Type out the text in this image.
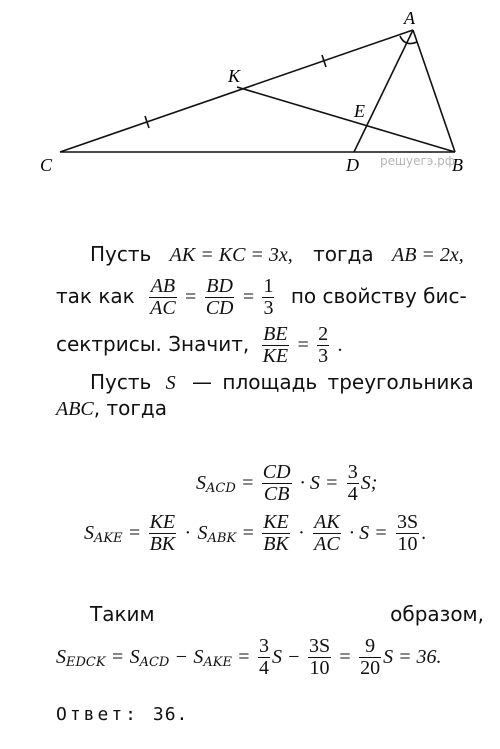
A
K
E
C	D	B
решуегэ.рф
Пусть AK = KC = 3x, тогда AB = 2x,
так как $\frac{AB}{AC} = \frac{BD}{CD} = \frac{1}{3}$ по свойству бис-
сектрисы. Значит, $\frac{BE}{KE} = \frac{2}{3}$ .
Пусть S — площадь треугольника
ABC, тогда
$S_{ACD} = \frac{CD}{CB} \cdot S = \frac{3}{4} S$;
$S_{AKE} = \frac{KE}{BK} \cdot S_{ABK} = \frac{KE}{BK} \cdot \frac{AK}{AC} \cdot S = \frac{3S}{10}$ .
Таким	образом,
$S_{EDCK} = S_{ACD} - S_{AKE} = \frac{3}{4}$ $S - \frac{3S}{10} = \frac{9}{20}$ S = 36.
Ответ: 36.
